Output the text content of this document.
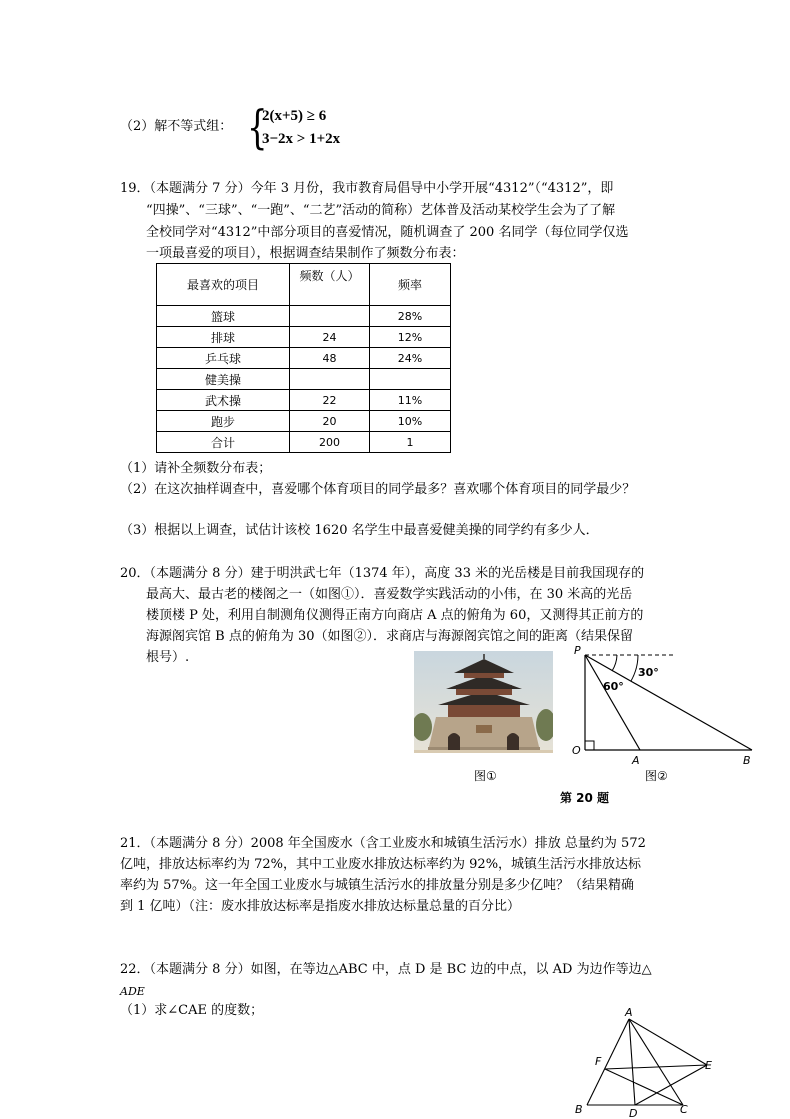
（2）解不等式组： {
2(x+5) ≥ 6
3−2x > 1+2x
19．（本题满分 7 分）今年 3 月份，我市教育局倡导中小学开展“4312”（“4312”，即
“四操”、“三球”、“一跑”、“二艺”活动的简称）艺体普及活动某校学生会为了了解
全校同学对“4312”中部分项目的喜爱情况，随机调查了 200 名同学（每位同学仅选
一项最喜爱的项目），根据调查结果制作了频数分布表：
最喜欢的项目	频数（人）	频率
篮球		28%
排球	24	12%
乒乓球	48	24%
健美操		
武术操	22	11%
跑步	20	10%
合计	200	1
（1）请补全频数分布表；
（2）在这次抽样调查中，喜爱哪个体育项目的同学最多？喜欢哪个体育项目的同学最少？
（3）根据以上调查，试估计该校 1620 名学生中最喜爱健美操的同学约有多少人．
20．（本题满分 8 分）建于明洪武七年（1374 年），高度 33 米的光岳楼是目前我国现存的
最高大、最古老的楼阁之一（如图①）．喜爱数学实践活动的小伟，在 30 米高的光岳
楼顶楼 P 处，利用自制测角仪测得正南方向商店 A 点的俯角为 60，又测得其正前方的
海源阁宾馆 B 点的俯角为 30（如图②）．求商店与海源阁宾馆之间的距离（结果保留
根号）.	P
O
A	B
60°
30°
图①	图②
第 20 题
21．（本题满分 8 分）2008 年全国废水（含工业废水和城镇生活污水）排放 总量约为 572
亿吨，排放达标率约为 72%，其中工业废水排放达标率约为 92%，城镇生活污水排放达标
率约为 57%。这一年全国工业废水与城镇生活污水的排放量分别是多少亿吨？（结果精确
到 1 亿吨）（注：废水排放达标率是指废水排放达标量总量的百分比）
22．（本题满分 8 分）如图，在等边△ABC 中，点 D 是 BC 边的中点，以 AD 为边作等边△
ADE
（1）求∠CAE 的度数；	A
B	C
D
E
F
